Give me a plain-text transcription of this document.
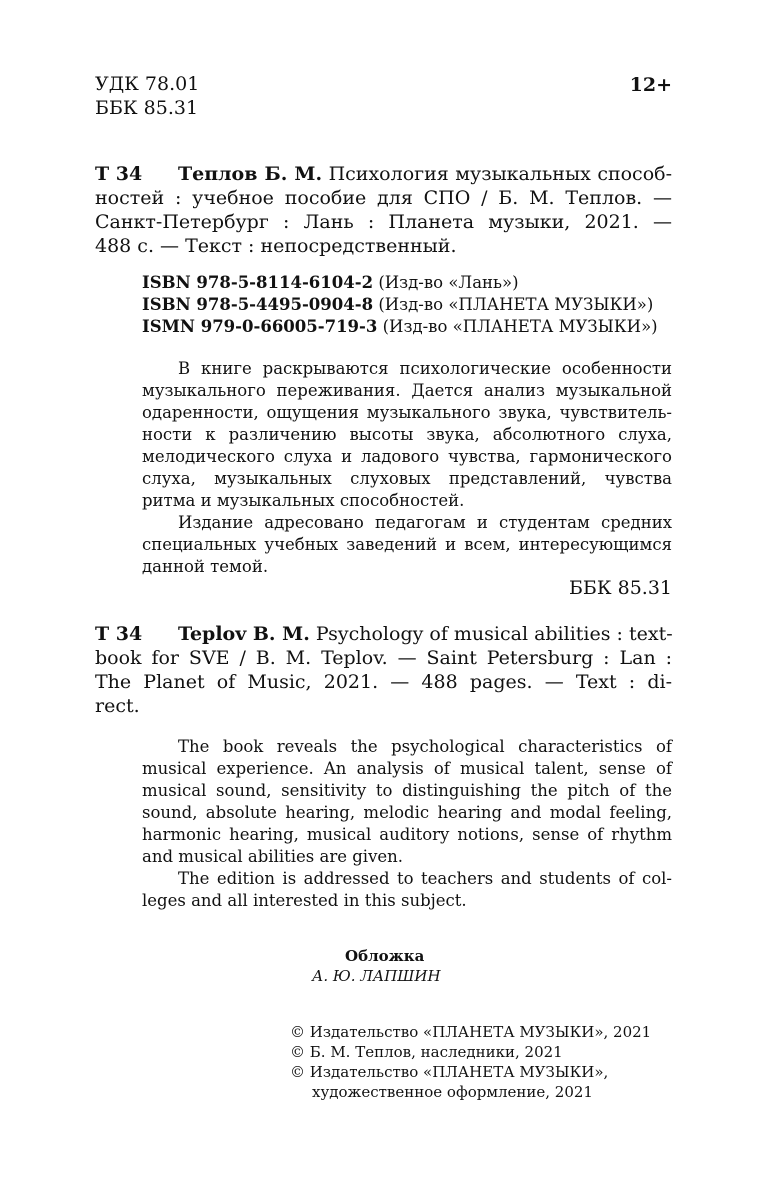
УДК 78.01
ББК 85.31
12+
Т 34 Теплов Б. М. Психология музыкальных способ-
ностей : учебное пособие для СПО / Б. М. Теплов. —
Санкт-Петербург : Лань : Планета музыки, 2021. —
488 с. — Текст : непосредственный.
ISBN 978-5-8114-6104-2 (Изд-во «Лань»)
ISBN 978-5-4495-0904-8 (Изд-во «ПЛАНЕТА МУЗЫКИ»)
ISMN 979-0-66005-719-3 (Изд-во «ПЛАНЕТА МУЗЫКИ»)
В книге раскрываются психологические особенности
музыкального переживания. Дается анализ музыкальной
одаренности, ощущения музыкального звука, чувствитель-
ности к различению высоты звука, абсолютного слуха,
мелодического слуха и ладового чувства, гармонического
слуха, музыкальных слуховых представлений, чувства
ритма и музыкальных способностей.
Издание адресовано педагогам и студентам средних
специальных учебных заведений и всем, интересующимся
данной темой.
ББК 85.31
T 34 Teplov B. M. Psychology of musical abilities : text-
book for SVE / B. M. Teplov. — Saint Petersburg : Lan :
The Planet of Music, 2021. — 488 pages. — Text : di-
rect.
The book reveals the psychological characteristics of
musical experience. An analysis of musical talent, sense of
musical sound, sensitivity to distinguishing the pitch of the
sound, absolute hearing, melodic hearing and modal feeling,
harmonic hearing, musical auditory notions, sense of rhythm
and musical abilities are given.
The edition is addressed to teachers and students of col-
leges and all interested in this subject.
Обложка
А. Ю. ЛАПШИН
© Издательство «ПЛАНЕТА МУЗЫКИ», 2021
© Б. М. Теплов, наследники, 2021
© Издательство «ПЛАНЕТА МУЗЫКИ»,
художественное оформление, 2021
